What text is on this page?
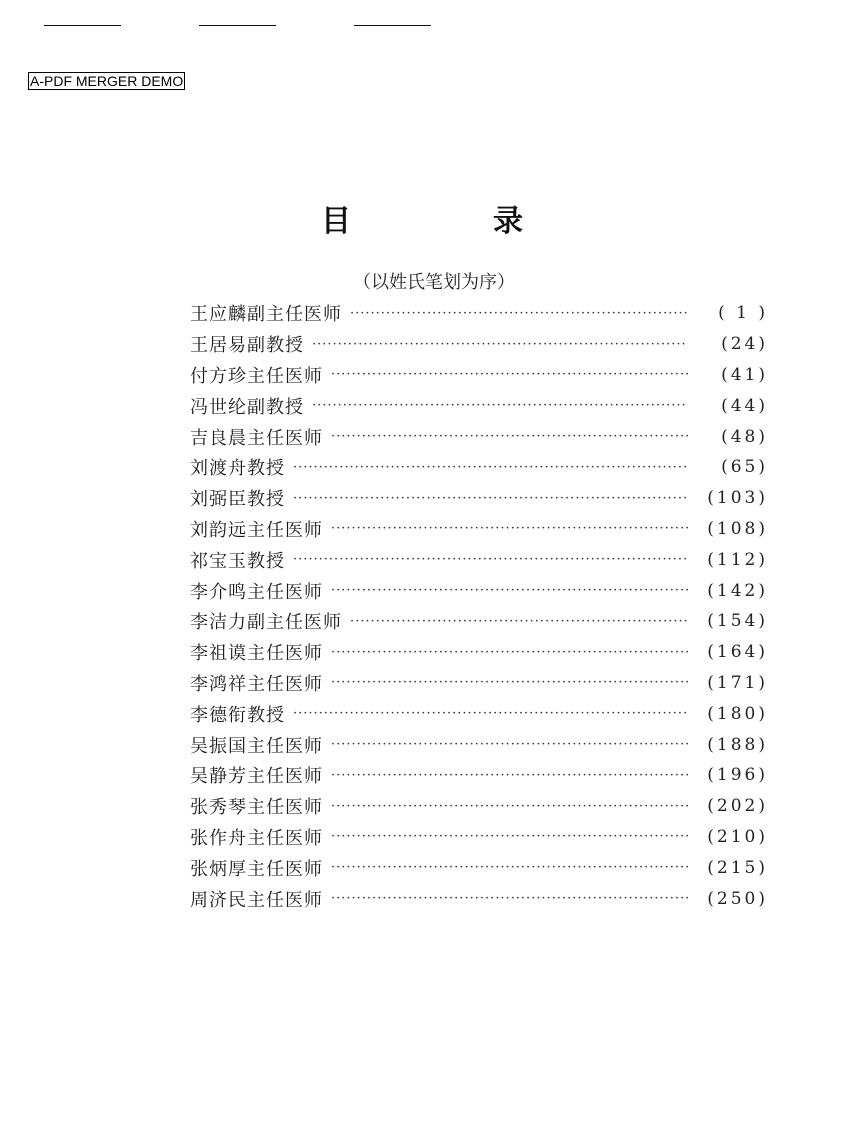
A-PDF MERGER DEMO
目　录
（以姓氏笔划为序）
王应麟副主任医师 ·····	( 1 )
王居易副教授 ·····	(24)
付方珍主任医师 ·····	(41)
冯世纶副教授 ·····	(44)
吉良晨主任医师 ·····	(48)
刘渡舟教授 ·····	(65)
刘弼臣教授 ·····	(103)
刘韵远主任医师 ·····	(108)
祁宝玉教授 ·····	(112)
李介鸣主任医师 ·····	(142)
李洁力副主任医师 ·····	(154)
李祖谟主任医师 ·····	(164)
李鸿祥主任医师 ·····	(171)
李德衔教授 ·····	(180)
吴振国主任医师 ·····	(188)
吴静芳主任医师 ·····	(196)
张秀琴主任医师 ·····	(202)
张作舟主任医师 ·····	(210)
张炳厚主任医师 ·····	(215)
周济民主任医师 ·····	(250)
